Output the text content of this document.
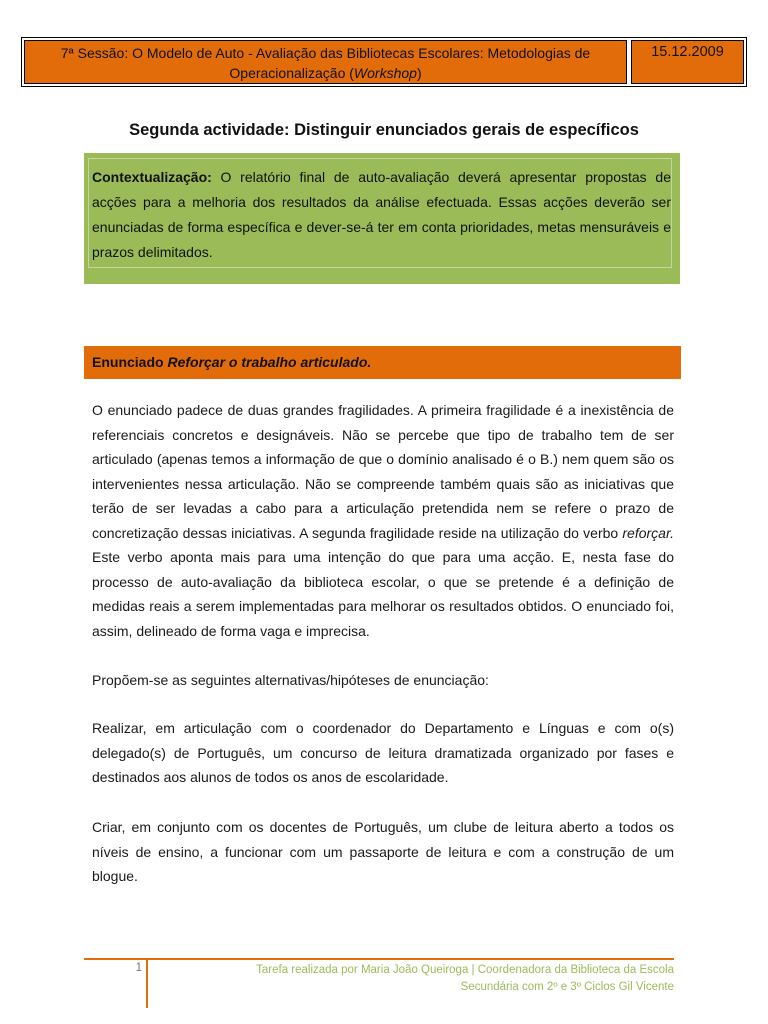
7ª Sessão: O Modelo de Auto - Avaliação das Bibliotecas Escolares: Metodologias de
Operacionalização (Workshop)
15.12.2009
Segunda actividade: Distinguir enunciados gerais de específicos
Contextualização: O relatório final de auto-avaliação deverá apresentar propostas de acções para a melhoria dos resultados da análise efectuada. Essas acções deverão ser enunciadas de forma específica e dever-se-á ter em conta prioridades, metas mensuráveis e prazos delimitados.
Enunciado Reforçar o trabalho articulado.
O enunciado padece de duas grandes fragilidades. A primeira fragilidade é a inexistência de referenciais concretos e designáveis. Não se percebe que tipo de trabalho tem de ser articulado (apenas temos a informação de que o domínio analisado é o B.) nem quem são os intervenientes nessa articulação. Não se compreende também quais são as iniciativas que terão de ser levadas a cabo para a articulação pretendida nem se refere o prazo de concretização dessas iniciativas. A segunda fragilidade reside na utilização do verbo reforçar. Este verbo aponta mais para uma intenção do que para uma acção. E, nesta fase do processo de auto-avaliação da biblioteca escolar, o que se pretende é a definição de medidas reais a serem implementadas para melhorar os resultados obtidos. O enunciado foi, assim, delineado de forma vaga e imprecisa.
Propõem-se as seguintes alternativas/hipóteses de enunciação:
Realizar, em articulação com o coordenador do Departamento e Línguas e com o(s) delegado(s) de Português, um concurso de leitura dramatizada organizado por fases e destinados aos alunos de todos os anos de escolaridade.
Criar, em conjunto com os docentes de Português, um clube de leitura aberto a todos os níveis de ensino, a funcionar com um passaporte de leitura e com a construção de um blogue.
1	Tarefa realizada por Maria João Queiroga | Coordenadora da Biblioteca da Escola
Secundária com 2º e 3º Ciclos Gil Vicente
